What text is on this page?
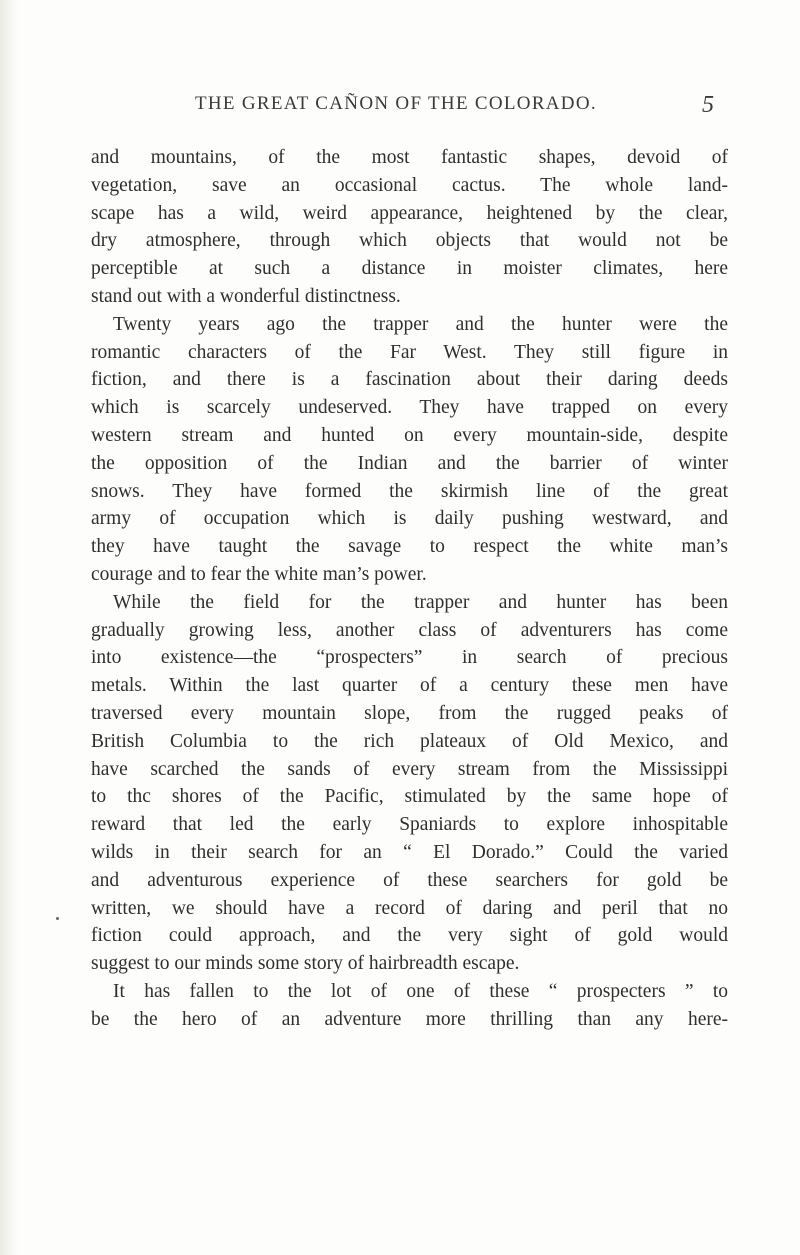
THE GREAT CAÑON OF THE COLORADO.	5
and mountains, of the most fantastic shapes, devoid of
vegetation, save an occasional cactus. The whole land-
scape has a wild, weird appearance, heightened by the clear,
dry atmosphere, through which objects that would not be
perceptible at such a distance in moister climates, here
stand out with a wonderful distinctness.
Twenty years ago the trapper and the hunter were the
romantic characters of the Far West. They still figure in
fiction, and there is a fascination about their daring deeds
which is scarcely undeserved. They have trapped on every
western stream and hunted on every mountain-side, despite
the opposition of the Indian and the barrier of winter
snows. They have formed the skirmish line of the great
army of occupation which is daily pushing westward, and
they have taught the savage to respect the white man’s
courage and to fear the white man’s power.
While the field for the trapper and hunter has been
gradually growing less, another class of adventurers has come
into existence—the “prospecters” in search of precious
metals. Within the last quarter of a century these men have
traversed every mountain slope, from the rugged peaks of
British Columbia to the rich plateaux of Old Mexico, and
have scarched the sands of every stream from the Mississippi
to thc shores of the Pacific, stimulated by the same hope of
reward that led the early Spaniards to explore inhospitable
wilds in their search for an “ El Dorado.” Could the varied
and adventurous experience of these searchers for gold be
written, we should have a record of daring and peril that no
fiction could approach, and the very sight of gold would
suggest to our minds some story of hairbreadth escape.
It has fallen to the lot of one of these “ prospecters ” to
be the hero of an adventure more thrilling than any here-
